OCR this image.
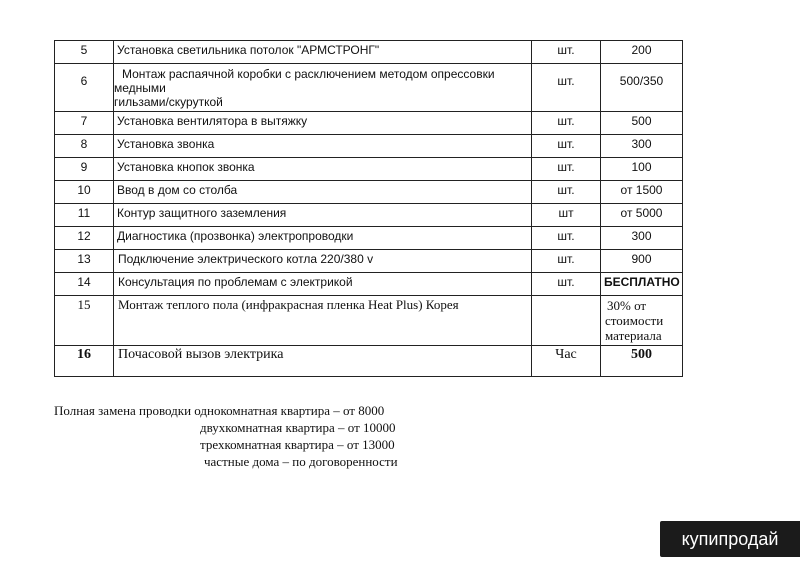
5	Установка светильника потолок "АРМСТРОНГ"	шт.	200
6	Монтаж распаячной коробки с расключением методом опрессовки медными
гильзами/скуруткой	шт.	500/350
7	Установка вентилятора в вытяжку	шт.	500
8	Установка звонка	шт.	300
9	Установка кнопок звонка	шт.	100
10	Ввод в дом со столба	шт.	от 1500
11	Контур защитного заземления	шт	от 5000
12	Диагностика (прозвонка) электропроводки	шт.	300
13	Подключение электрического котла 220/380 v	шт.	900
14	Консультация по проблемам с электрикой	шт.	БЕСПЛАТНО
15	Монтаж теплого пола (инфракрасная пленка Heat Plus) Корея		30% от
стоимости
материала

16	Почасовой вызов электрика	Час	500

Полная замена проводки однокомнатная квартира – от 8000

двухкомнатная квартира – от 10000

трехкомнатная квартира – от 13000

частные дома – по договоренности

купипродай
